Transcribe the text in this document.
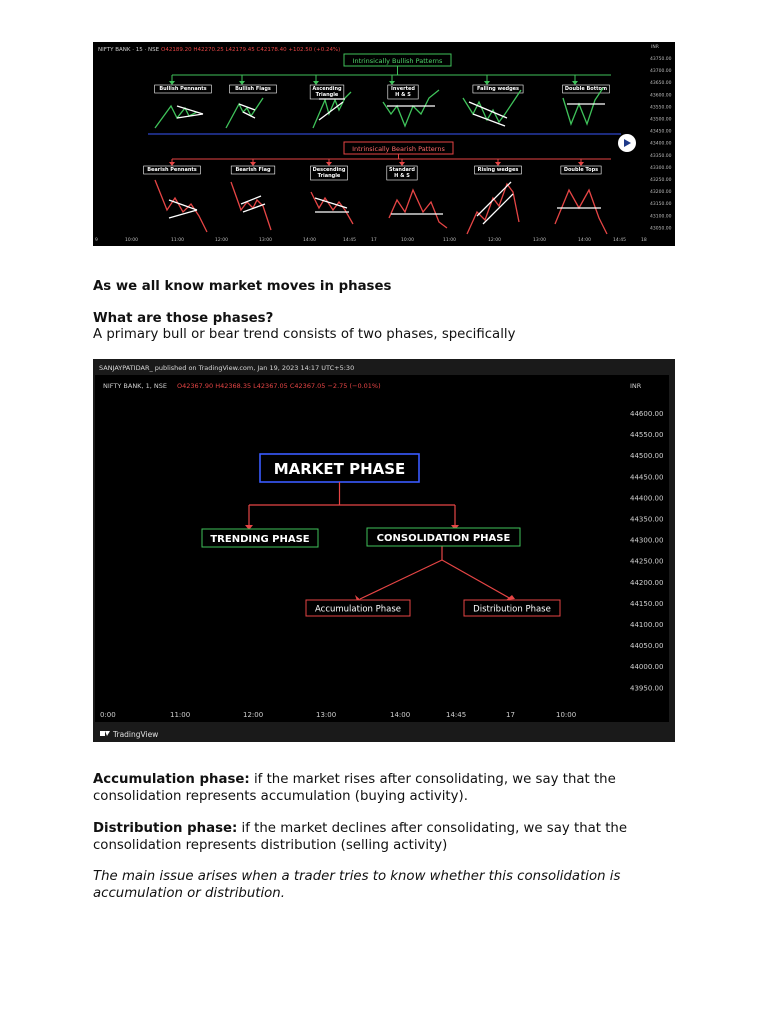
NIFTY BANK · 15 · NSE O42189.20 H42270.25 L42179.45 C42178.40 +102.50 (+0.24%)	INR
43750.00
43700.00
43650.00
43600.00
43550.00
43500.00
43450.00
43400.00
43350.00
43300.00
43250.00
43200.00
43150.00
43100.00
43050.00
9	10:00	11:00	12:00	13:00	14:00	14:45	17	10:00	11:00	12:00	13:00	14:00	14:45	18
Intrinsically Bullish Patterns
Intrinsically Bearish Patterns
Bullish Pennants	Bullish Flags	Ascending
Triangle
Inverted
H & S
Falling wedges	Double Bottom
Bearish Pennants	Bearish Flag	Descending
Triangle
Standard
H & S
Rising wedges	Double Tops
As we all know market moves in phases
What are those phases?
A primary bull or bear trend consists of two phases, specifically
SANJAYPATIDAR_ published on TradingView.com, Jan 19, 2023 14:17 UTC+5:30
NIFTY BANK, 1, NSE O42367.90 H42368.35 L42367.05 C42367.05 −2.75 (−0.01%)	INR
44600.00
44550.00
44500.00
44450.00
44400.00
44350.00
44300.00
44250.00
44200.00
44150.00
44100.00
44050.00
44000.00
43950.00
0:00	11:00	12:00	13:00	14:00	14:45	17	10:00
MARKET PHASE
TRENDING PHASE	CONSOLIDATION PHASE
Accumulation Phase	Distribution Phase
TradingView
Accumulation phase: if the market rises after consolidating, we say that the consolidation represents accumulation (buying activity).
Distribution phase: if the market declines after consolidating, we say that the consolidation represents distribution (selling activity)
The main issue arises when a trader tries to know whether this consolidation is accumulation or distribution.
